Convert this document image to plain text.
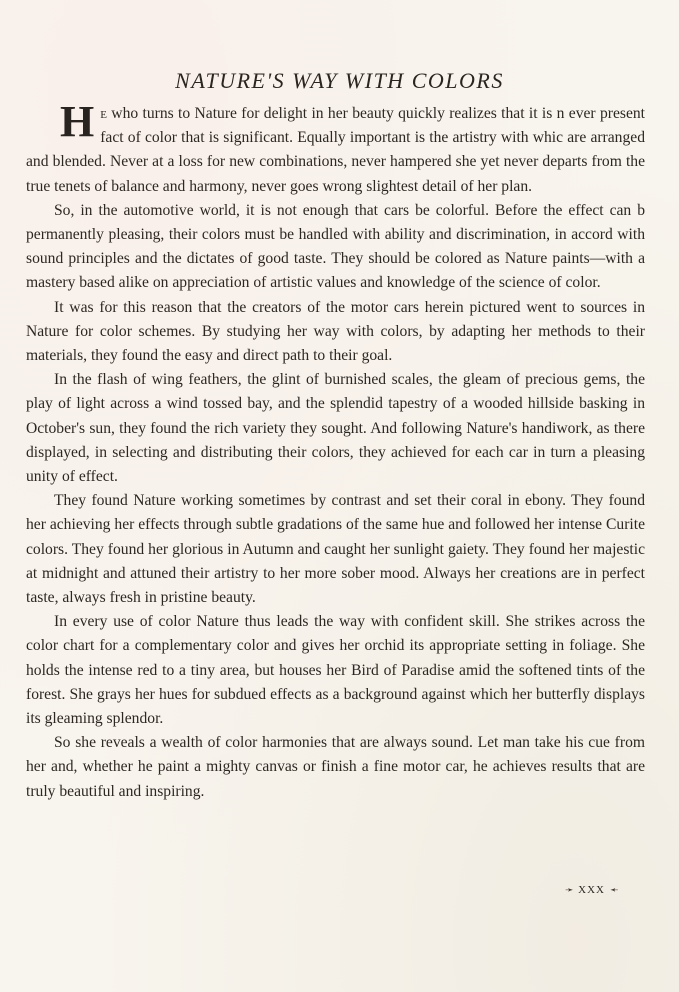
NATURE'S WAY WITH COLORS

He who turns to Nature for delight in her beauty quickly realizes that it is n ever present fact of color that is significant. Equally important is the artistry with whic are arranged and blended. Never at a loss for new combinations, never hampered she yet never departs from the true tenets of balance and harmony, never goes wrong slightest detail of her plan.

So, in the automotive world, it is not enough that cars be colorful. Before the effect can b permanently pleasing, their colors must be handled with ability and discrimination, in accord with sound principles and the dictates of good taste. They should be colored as Nature paints—with a mastery based alike on appreciation of artistic values and knowledge of the science of color.

It was for this reason that the creators of the motor cars herein pictured went to sources in Nature for color schemes. By studying her way with colors, by adapting her methods to their materials, they found the easy and direct path to their goal.

In the flash of wing feathers, the glint of burnished scales, the gleam of precious gems, the play of light across a wind tossed bay, and the splendid tapestry of a wooded hillside basking in October's sun, they found the rich variety they sought. And following Nature's handiwork, as there displayed, in selecting and distributing their colors, they achieved for each car in turn a pleasing unity of effect.

They found Nature working sometimes by contrast and set their coral in ebony. They found her achieving her effects through subtle gradations of the same hue and followed her intense Curite colors. They found her glorious in Autumn and caught her sunlight gaiety. They found her majestic at midnight and attuned their artistry to her more sober mood. Always her creations are in perfect taste, always fresh in pristine beauty.

In every use of color Nature thus leads the way with confident skill. She strikes across the color chart for a complementary color and gives her orchid its appropriate setting in foliage. She holds the intense red to a tiny area, but houses her Bird of Paradise amid the softened tints of the forest. She grays her hues for subdued effects as a background against which her butterfly displays its gleaming splendor.

So she reveals a wealth of color harmonies that are always sound. Let man take his cue from her and, whether he paint a mighty canvas or finish a fine motor car, he achieves results that are truly beautiful and inspiring.

➛ XXX ➛
